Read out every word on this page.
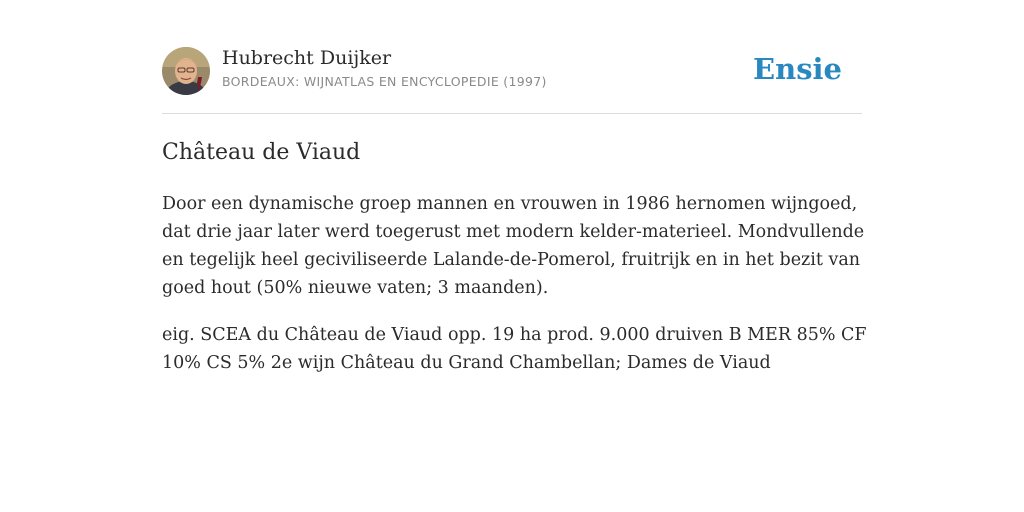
Hubrecht Duijker
BORDEAUX: WIJNATLAS EN ENCYCLOPEDIE (1997)	Ensie
Château de Viaud

Door een dynamische groep mannen en vrouwen in 1986 hernomen wijngoed, dat drie jaar later werd toegerust met modern kelder-materieel. Mondvullende en tegelijk heel geciviliseerde Lalande-de-Pomerol, fruitrijk en in het bezit van goed hout (50% nieuwe vaten; 3 maanden).

eig. SCEA du Château de Viaud opp. 19 ha prod. 9.000 druiven B MER 85% CF 10% CS 5% 2e wijn Château du Grand Chambellan; Dames de Viaud
